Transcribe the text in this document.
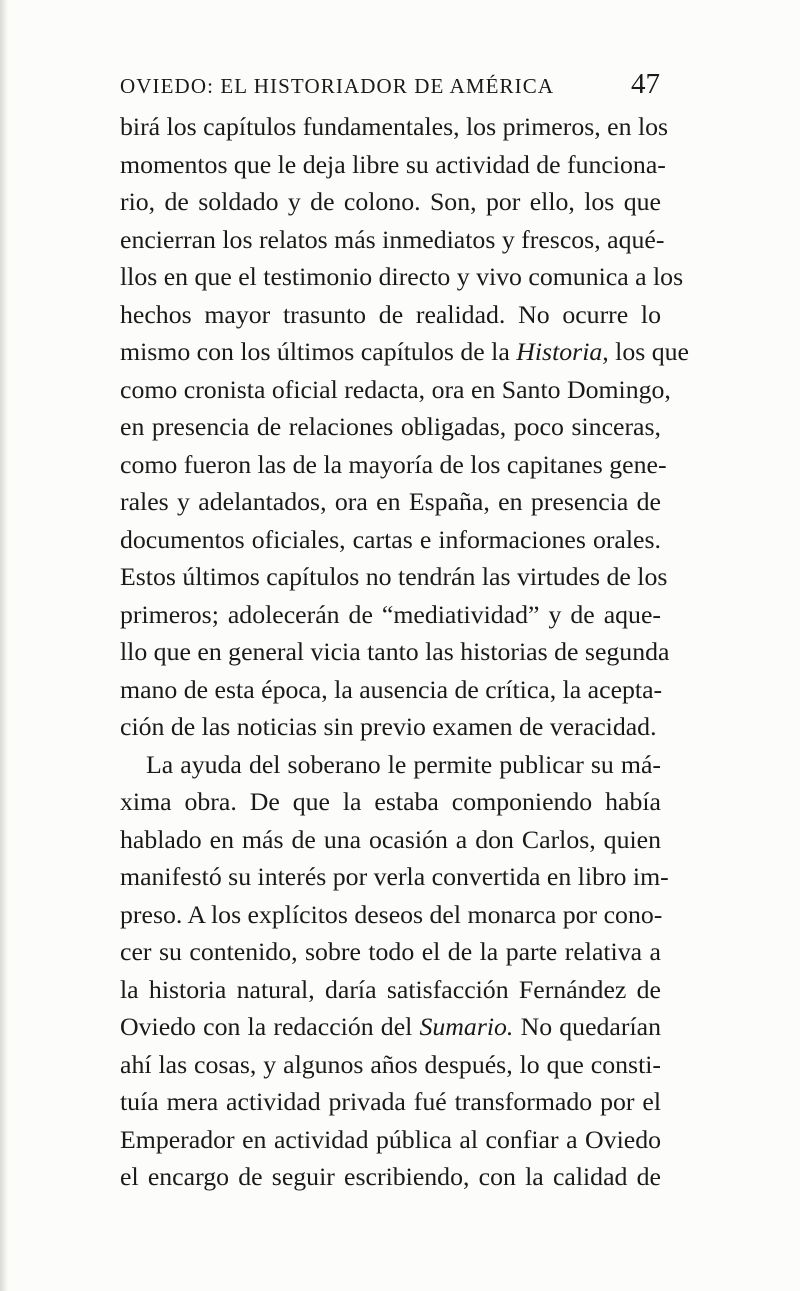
OVIEDO: EL HISTORIADOR DE AMÉRICA	47
birá los capítulos fundamentales, los primeros, en los
momentos que le deja libre su actividad de funciona-
rio, de soldado y de colono. Son, por ello, los que
encierran los relatos más inmediatos y frescos, aqué-
llos en que el testimonio directo y vivo comunica a los
hechos mayor trasunto de realidad. No ocurre lo
mismo con los últimos capítulos de la Historia, los que
como cronista oficial redacta, ora en Santo Domingo,
en presencia de relaciones obligadas, poco sinceras,
como fueron las de la mayoría de los capitanes gene-
rales y adelantados, ora en España, en presencia de
documentos oficiales, cartas e informaciones orales.
Estos últimos capítulos no tendrán las virtudes de los
primeros; adolecerán de “mediatividad” y de aque-
llo que en general vicia tanto las historias de segunda
mano de esta época, la ausencia de crítica, la acepta-
ción de las noticias sin previo examen de veracidad.
La ayuda del soberano le permite publicar su má-
xima obra. De que la estaba componiendo había
hablado en más de una ocasión a don Carlos, quien
manifestó su interés por verla convertida en libro im-
preso. A los explícitos deseos del monarca por cono-
cer su contenido, sobre todo el de la parte relativa a
la historia natural, daría satisfacción Fernández de
Oviedo con la redacción del Sumario. No quedarían
ahí las cosas, y algunos años después, lo que consti-
tuía mera actividad privada fué transformado por el
Emperador en actividad pública al confiar a Oviedo
el encargo de seguir escribiendo, con la calidad de
